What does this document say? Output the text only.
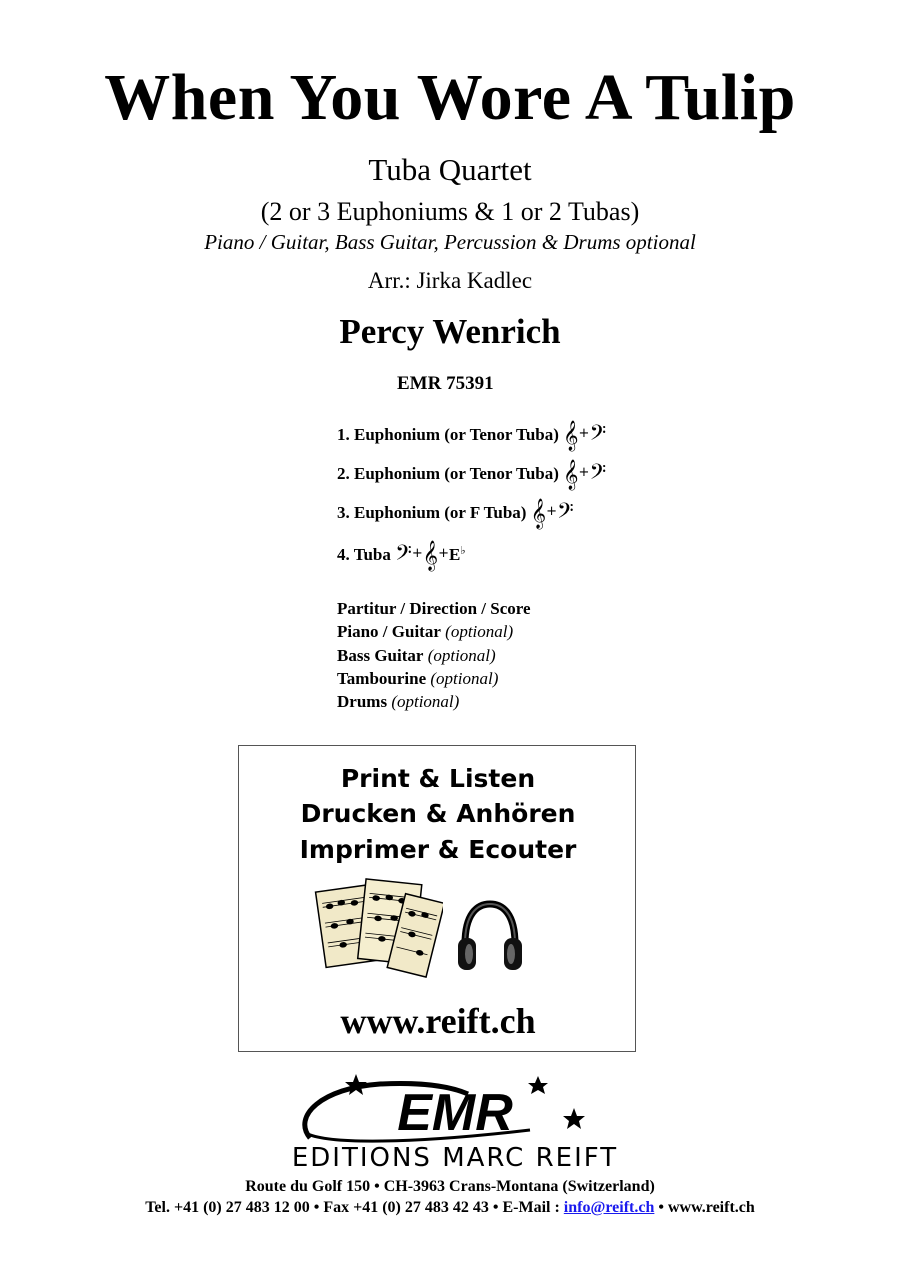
When You Wore A Tulip
Tuba Quartet
(2 or 3 Euphoniums & 1 or 2 Tubas)
Piano / Guitar, Bass Guitar, Percussion & Drums optional
Arr.: Jirka Kadlec
Percy Wenrich
EMR 75391
1. Euphonium (or Tenor Tuba) 𝄞+𝄢
2. Euphonium (or Tenor Tuba) 𝄞+𝄢
3. Euphonium (or F Tuba) 𝄞+𝄢
4. Tuba 𝄢+𝄞+E♭
Partitur / Direction / Score
Piano / Guitar (optional)
Bass Guitar (optional)
Tambourine (optional)
Drums (optional)
Print & Listen
Drucken & Anhören
Imprimer & Ecouter
www.reift.ch
EMR
EDITIONS MARC REIFT
Route du Golf 150 • CH-3963 Crans-Montana (Switzerland)
Tel. +41 (0) 27 483 12 00 • Fax +41 (0) 27 483 42 43 • E-Mail : info@reift.ch • www.reift.ch
